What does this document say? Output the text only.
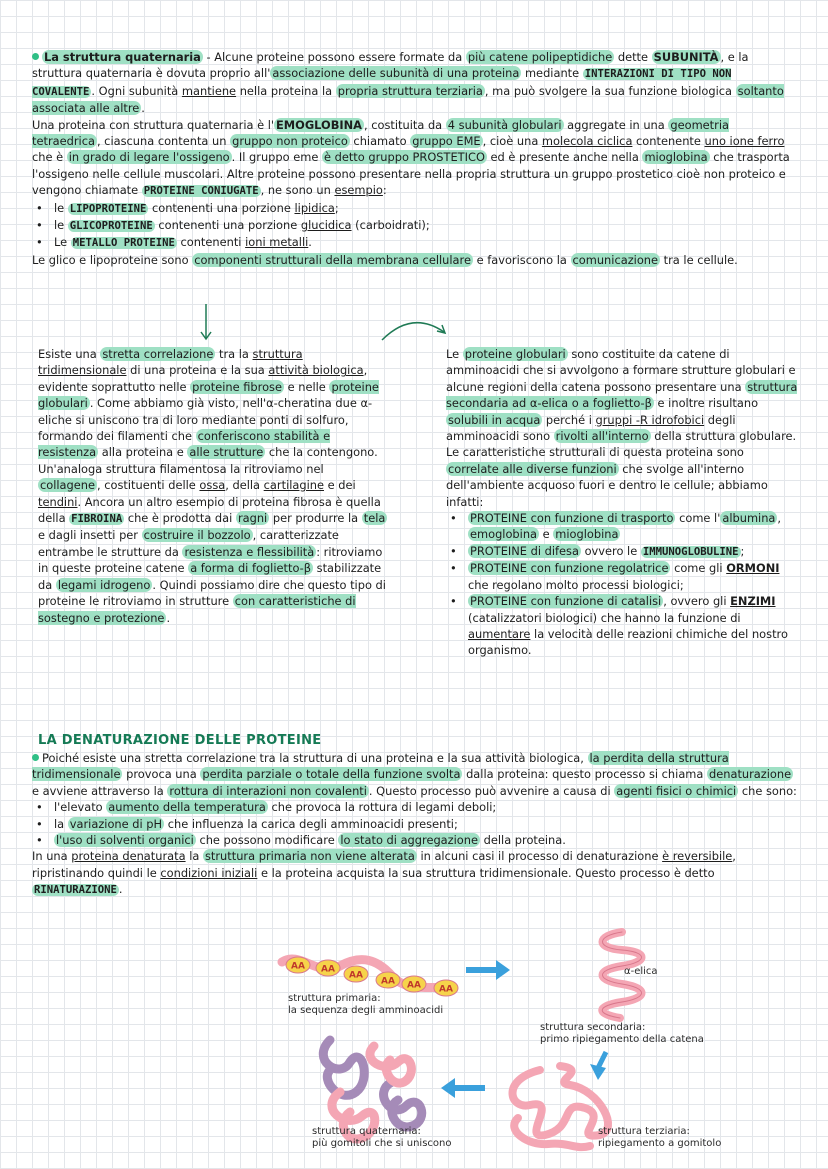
La struttura quaternaria - Alcune proteine possono essere formate da più catene polipeptidiche dette SUBUNITÀ , e la struttura quaternaria è dovuta proprio all' associazione delle subunità di una proteina mediante INTERAZIONI DI TIPO NON COVALENTE . Ogni subunità mantiene nella proteina la propria struttura terziaria , ma può svolgere la sua funzione biologica soltanto associata alle altre .

Una proteina con struttura quaternaria è l' EMOGLOBINA , costituita da 4 subunità globulari aggregate in una geometria tetraedrica , ciascuna contenta un gruppo non proteico chiamato gruppo EME , cioè una molecola ciclica contenente uno ione ferro che è in grado di legare l'ossigeno . Il gruppo eme è detto gruppo PROSTETICO ed è presente anche nella mioglobina che trasporta l'ossigeno nelle cellule muscolari. Altre proteine possono presentare nella propria struttura un gruppo prostetico cioè non proteico e vengono chiamate PROTEINE CONIUGATE , ne sono un esempio:

• le LIPOPROTEINE contenenti una porzione lipidica;
• le GLICOPROTEINE contenenti una porzione glucidica (carboidrati);
• Le METALLO PROTEINE contenenti ioni metalli.

Le glico e lipoproteine sono componenti strutturali della membrana cellulare e favoriscono la comunicazione tra le cellule.

Esiste una stretta correlazione tra la struttura tridimensionale di una proteina e la sua attività biologica, evidente soprattutto nelle proteine fibrose e nelle proteine globulari . Come abbiamo già visto, nell'α-cheratina due α-eliche si uniscono tra di loro mediante ponti di solfuro, formando dei filamenti che conferiscono stabilità e resistenza alla proteina e alle strutture che la contengono. Un'analoga struttura filamentosa la ritroviamo nel collagene , costituenti delle ossa, della cartilagine e dei tendini. Ancora un altro esempio di proteina fibrosa è quella della FIBROINA che è prodotta dai ragni per produrre la tela e dagli insetti per costruire il bozzolo , caratterizzate entrambe le strutture da resistenza e flessibilità : ritroviamo in queste proteine catene a forma di foglietto-β stabilizzate da legami idrogeno . Quindi possiamo dire che questo tipo di proteine le ritroviamo in strutture con caratteristiche di sostegno e protezione .

Le proteine globulari sono costituite da catene di amminoacidi che si avvolgono a formare strutture globulari e alcune regioni della catena possono presentare una struttura secondaria ad α-elica o a foglietto-β e inoltre risultano solubili in acqua perché i gruppi -R idrofobici degli amminoacidi sono rivolti all'interno della struttura globulare.

Le caratteristiche strutturali di questa proteina sono correlate alle diverse funzioni che svolge all'interno dell'ambiente acquoso fuori e dentro le cellule; abbiamo infatti:

• PROTEINE con funzione di trasporto come l' albumina , emoglobina e mioglobina
• PROTEINE di difesa ovvero le IMMUNOGLOBULINE ;
• PROTEINE con funzione regolatrice come gli ORMONI che regolano molto processi biologici;
• PROTEINE con funzione di catalisi , ovvero gli ENZIMI (catalizzatori biologici) che hanno la funzione di aumentare la velocità delle reazioni chimiche del nostro organismo.
LA DENATURAZIONE DELLE PROTEINE

Poiché esiste una stretta correlazione tra la struttura di una proteina e la sua attività biologica, la perdita della struttura tridimensionale provoca una perdita parziale o totale della funzione svolta dalla proteina: questo processo si chiama denaturazione e avviene attraverso la rottura di interazioni non covalenti . Questo processo può avvenire a causa di agenti fisici o chimici che sono:

• l'elevato aumento della temperatura che provoca la rottura di legami deboli;
• la variazione di pH che influenza la carica degli amminoacidi presenti;
• l'uso di solventi organici che possono modificare lo stato di aggregazione della proteina.

In una proteina denaturata la struttura primaria non viene alterata in alcuni casi il processo di denaturazione è reversibile, ripristinando quindi le condizioni iniziali e la proteina acquista la sua struttura tridimensionale. Questo processo è detto RINATURAZIONE .

AA AA
AA
AA AA AA
struttura primaria:
la sequenza degli amminoacidi
α-elica
struttura secondaria:
primo ripiegamento della catena
struttura terziaria:
ripiegamento a gomitolo
struttura quaternaria:
più gomitoli che si uniscono
